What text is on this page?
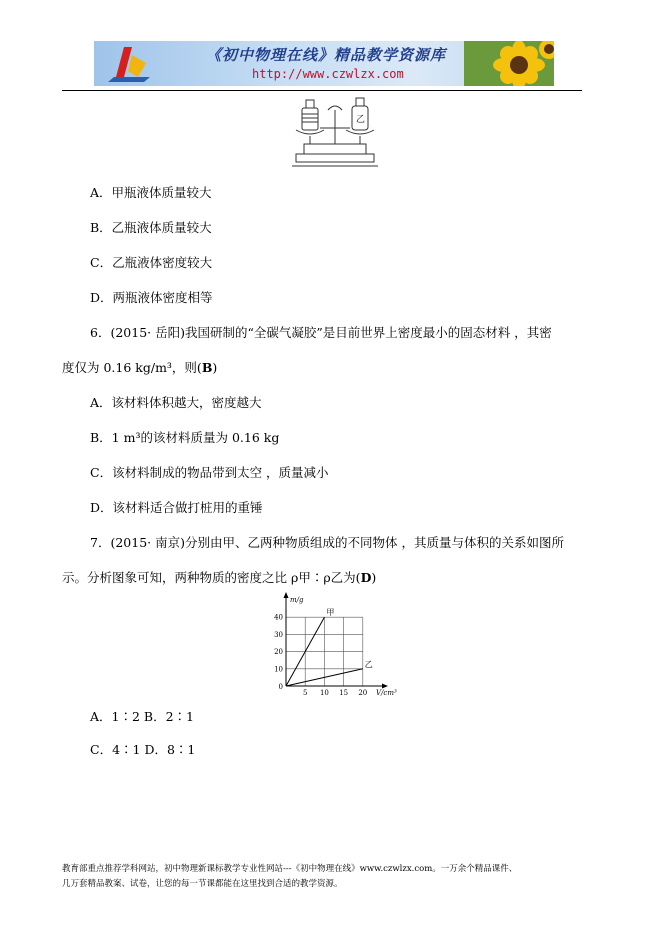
《初中物理在线》精品教学资源库
http://www.czwlzx.com
乙
A．甲瓶液体质量较大
B．乙瓶液体质量较大
C．乙瓶液体密度较大
D．两瓶液体密度相等
6．(2015· 岳阳)我国研制的“全碳气凝胶”是目前世界上密度最小的固态材料 ，其密
度仅为 0.16 kg/m³，则(B)
A．该材料体积越大，密度越大
B．1 m³的该材料质量为 0.16 kg
C．该材料制成的物品带到太空 ，质量减小
D．该材料适合做打桩用的重锤
7．(2015· 南京)分别由甲、乙两种物质组成的不同物体 ，其质量与体积的关系如图所
示。分析图象可知，两种物质的密度之比 ρ甲∶ρ乙为(D)
甲
乙
5 10 15 20
10
20
30
40
0
V/cm³
m/g
A．1∶2 B．2∶1
C．4∶1 D．8∶1
教育部重点推荐学科网站，初中物理新课标教学专业性网站---《初中物理在线》www.czwlzx.com。一万余个精品课件、
几万套精品教案、试卷，让您的每一节课都能在这里找到合适的教学资源。
